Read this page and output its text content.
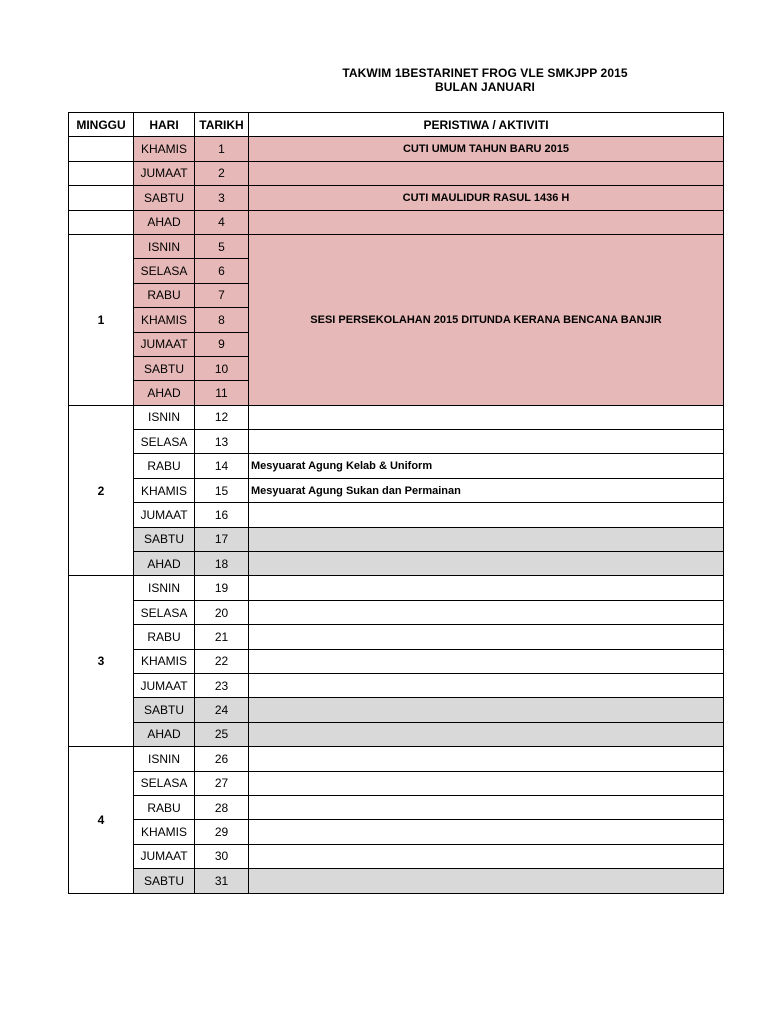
TAKWIM 1BESTARINET FROG VLE SMKJPP 2015
BULAN JANUARI
MINGGU	HARI	TARIKH	PERISTIWA / AKTIVITI
	KHAMIS	1	CUTI UMUM TAHUN BARU 2015
	JUMAAT	2	
	SABTU	3	CUTI MAULIDUR RASUL 1436 H
	AHAD	4	
1	ISNIN	5	SESI PERSEKOLAHAN 2015 DITUNDA KERANA BENCANA BANJIR
	SELASA	6	
	RABU	7	
	KHAMIS	8	
	JUMAAT	9	
	SABTU	10	
	AHAD	11	
2	ISNIN	12	
	SELASA	13	
	RABU	14	Mesyuarat Agung Kelab & Uniform
	KHAMIS	15	Mesyuarat Agung Sukan dan Permainan
	JUMAAT	16	
	SABTU	17	
	AHAD	18	
3	ISNIN	19	
	SELASA	20	
	RABU	21	
	KHAMIS	22	
	JUMAAT	23	
	SABTU	24	
	AHAD	25	
4	ISNIN	26	
	SELASA	27	
	RABU	28	
	KHAMIS	29	
	JUMAAT	30	
	SABTU	31	
